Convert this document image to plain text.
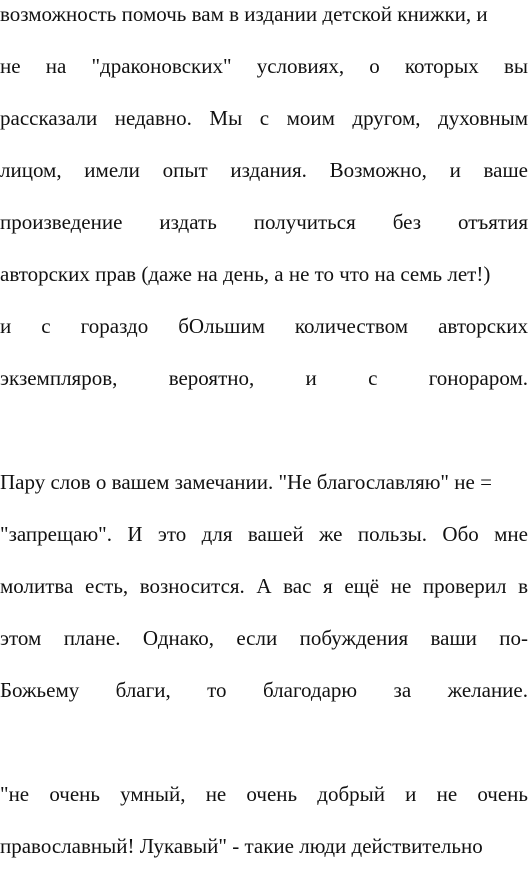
возможность помочь вам в издании детской книжки, и
не на "драконовских" условиях, о которых вы
рассказали недавно. Мы с моим другом, духовным
лицом, имели опыт издания. Возможно, и ваше
произведение издать получиться без отъятия
авторских прав (даже на день, а не то что на семь лет!)
и с гораздо бОльшим количеством авторских
экземпляров, вероятно, и с гонораром.
Пару слов о вашем замечании. "Не благославляю" не =
"запрещаю". И это для вашей же пользы. Обо мне
молитва есть, возносится. А вас я ещё не проверил в
этом плане. Однако, если побуждения ваши по-
Божьему благи, то благодарю за желание.
"не очень умный, не очень добрый и не очень
православный! Лукавый" - такие люди действительно
